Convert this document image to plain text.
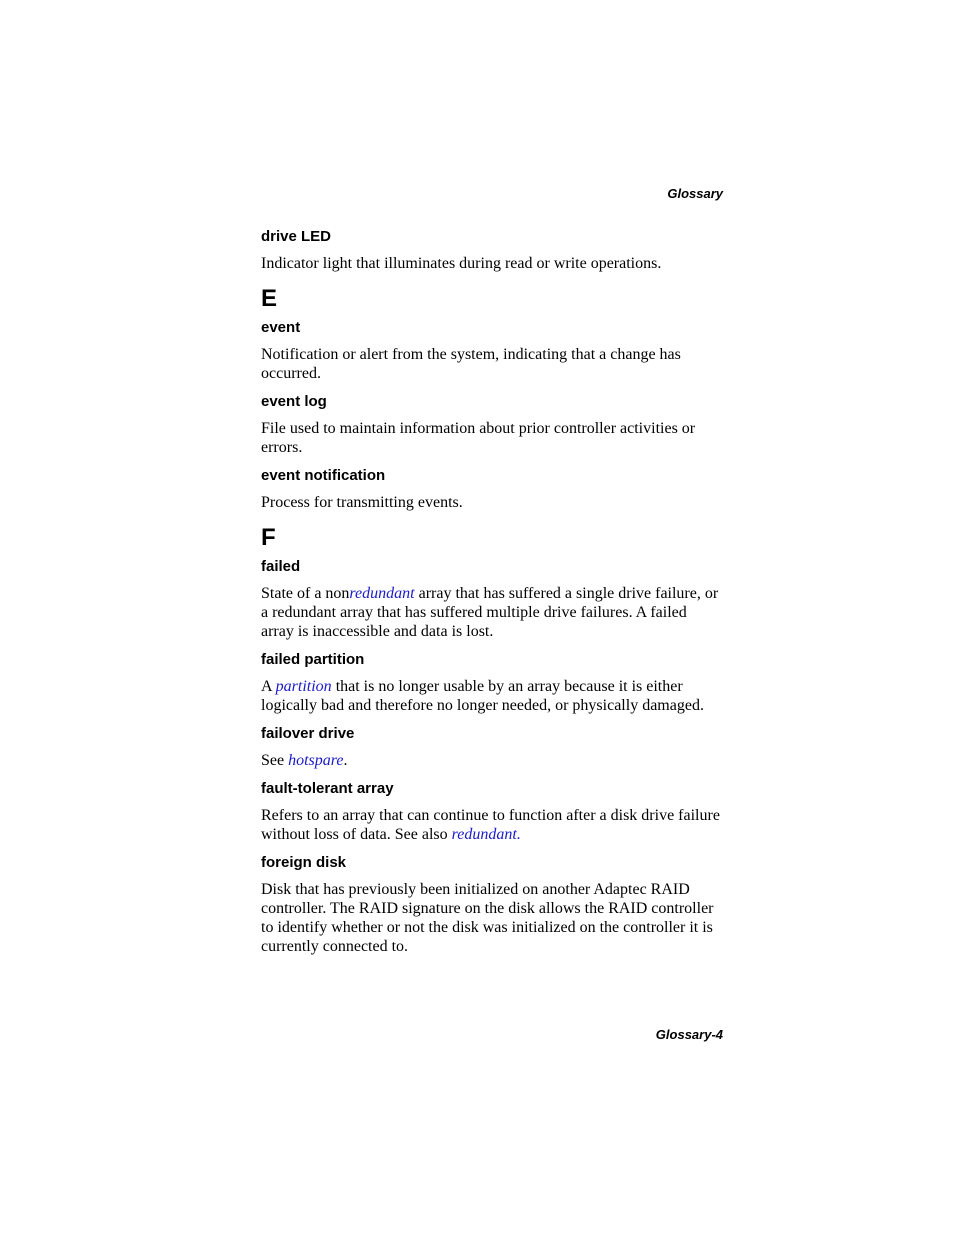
Glossary

drive LED

Indicator light that illuminates during read or write operations.

E

event

Notification or alert from the system, indicating that a change has occurred.

event log

File used to maintain information about prior controller activities or errors.

event notification

Process for transmitting events.

F

failed

State of a nonredundant array that has suffered a single drive failure, or a redundant array that has suffered multiple drive failures. A failed array is inaccessible and data is lost.

failed partition

A partition that is no longer usable by an array because it is either logically bad and therefore no longer needed, or physically damaged.

failover drive

See hotspare.

fault-tolerant array

Refers to an array that can continue to function after a disk drive failure without loss of data. See also redundant.

foreign disk

Disk that has previously been initialized on another Adaptec RAID controller. The RAID signature on the disk allows the RAID controller to identify whether or not the disk was initialized on the controller it is currently connected to.

Glossary-4
